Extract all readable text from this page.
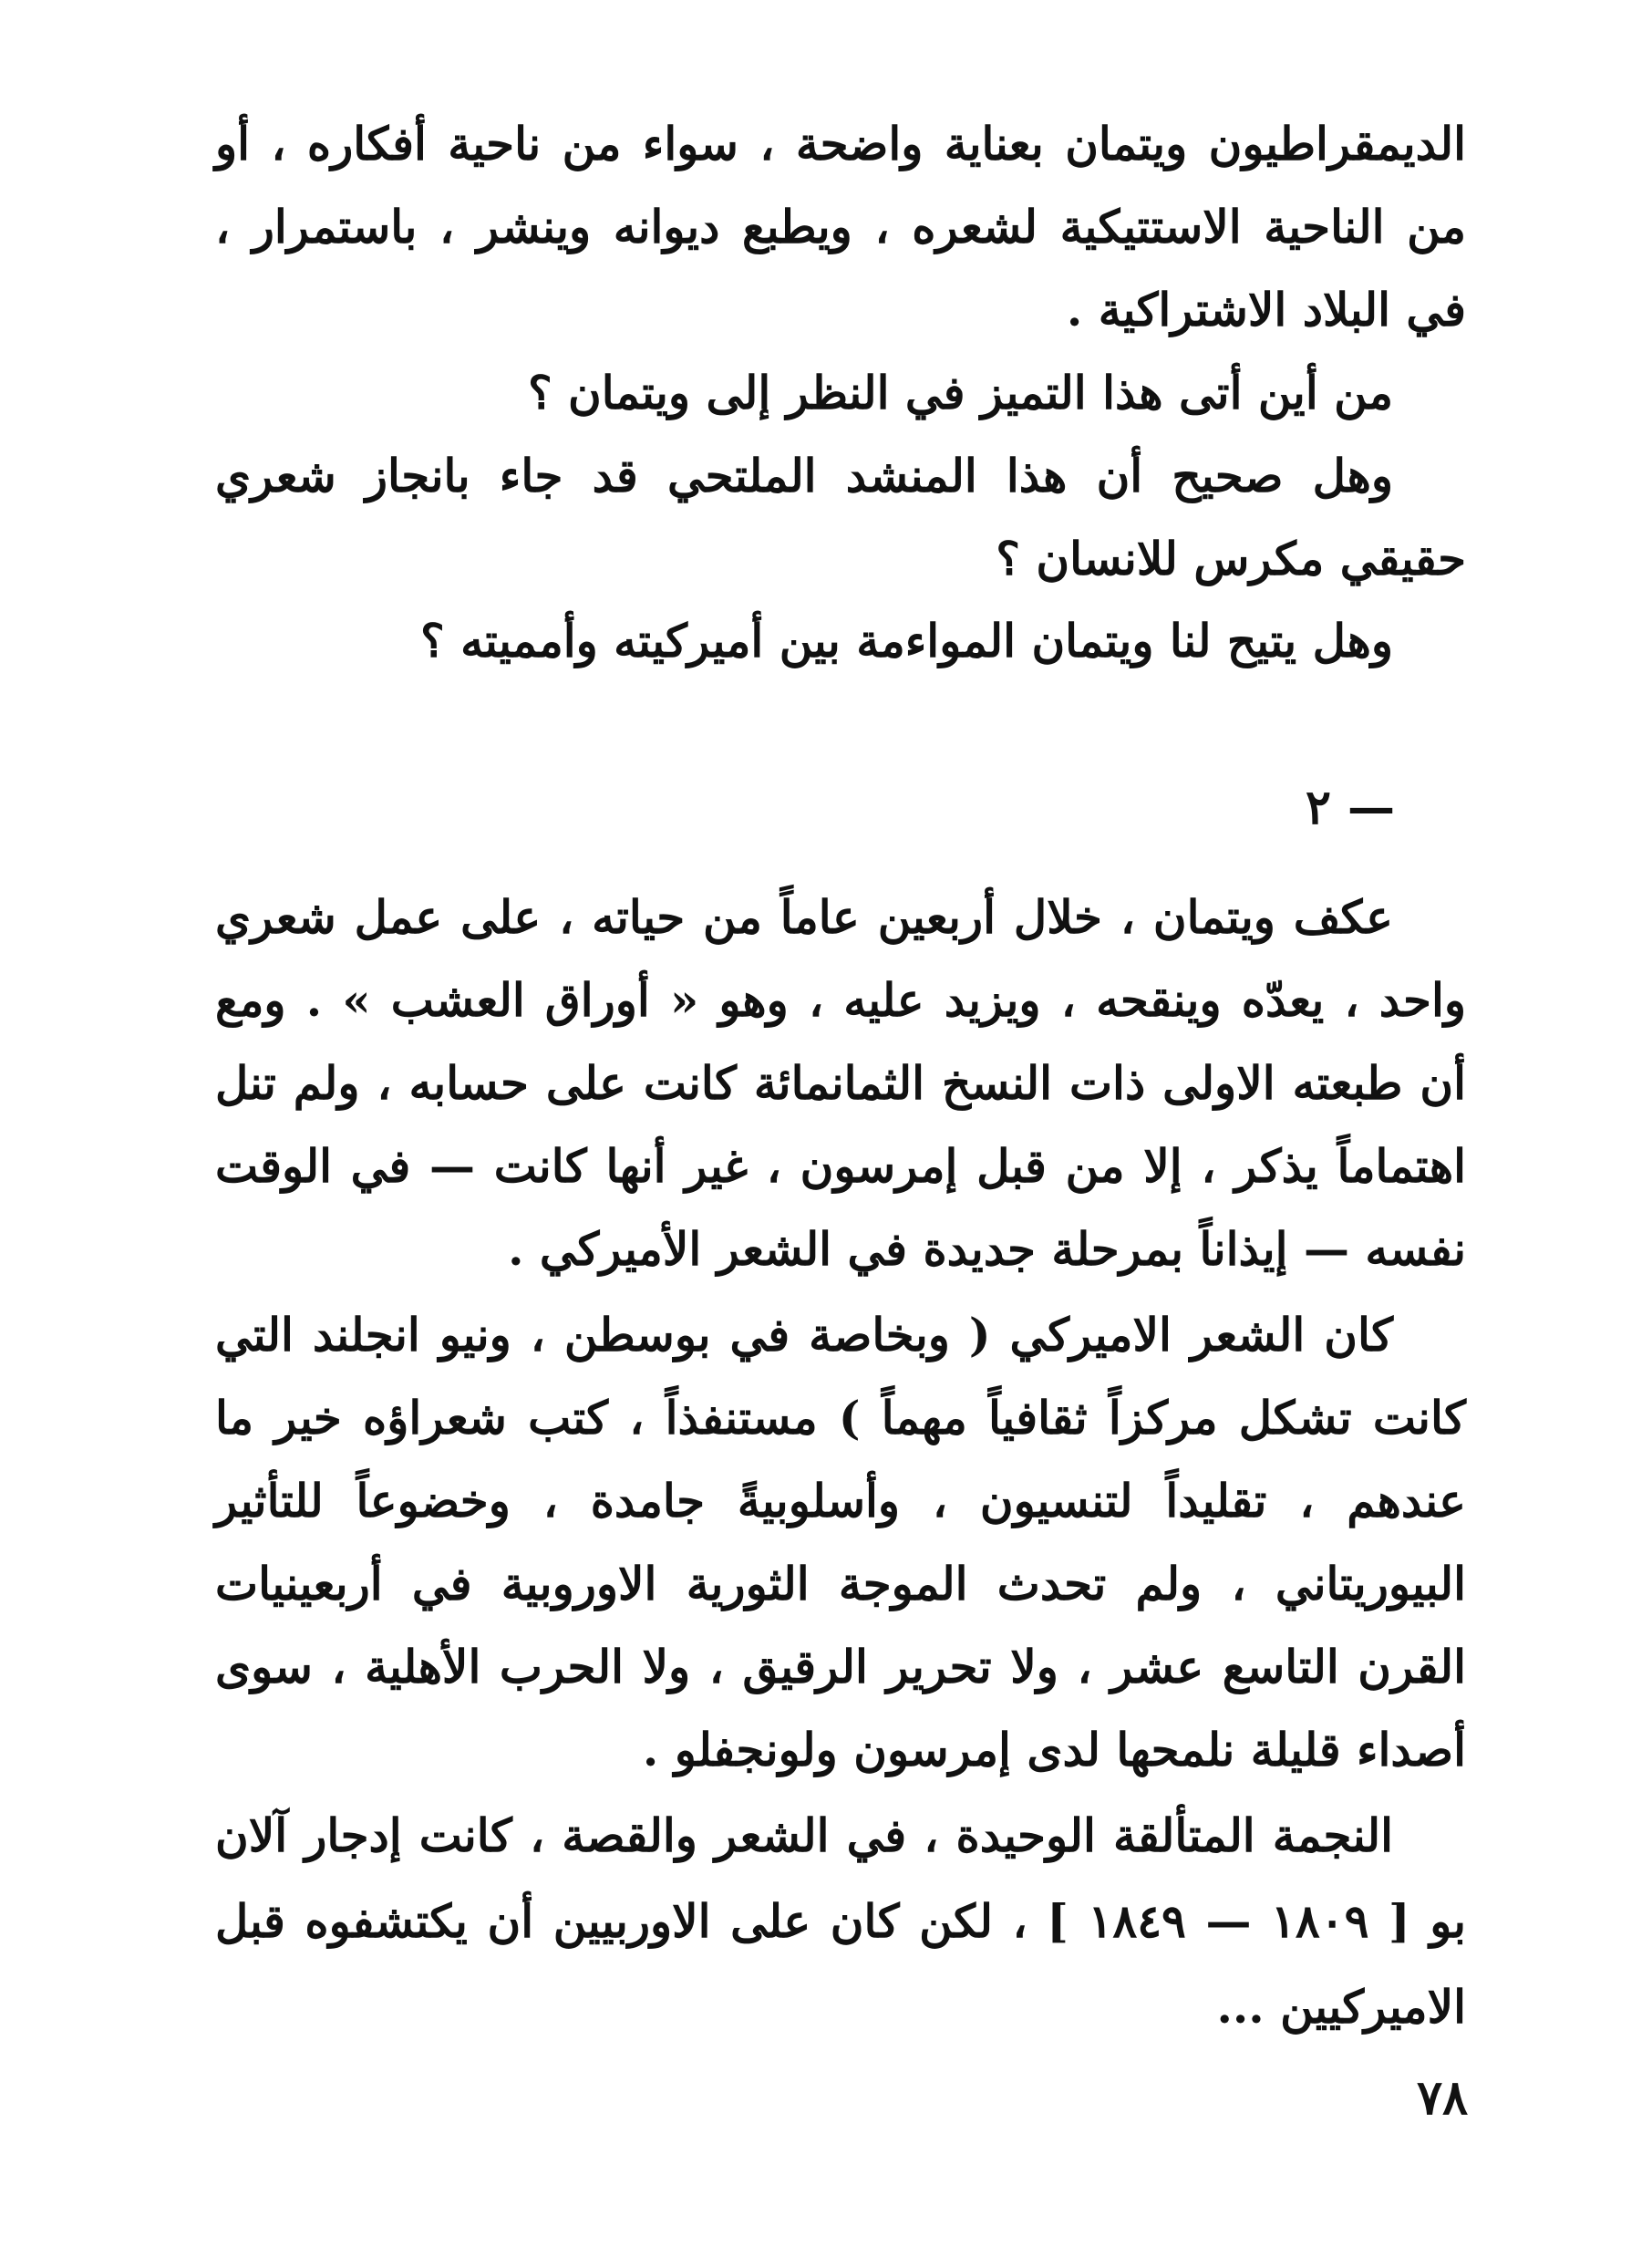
الديمقراطيون ويتمان بعناية واضحة ، سواء من ناحية أفكاره ، أو من الناحية الاستتيكية لشعره ، ويطبع ديوانه وينشر ، باستمرار ، في البلاد الاشتراكية .

من أين أتى هذا التميز في النظر إلى ويتمان ؟

وهل صحيح أن هذا المنشد الملتحي قد جاء بانجاز شعري حقيقي مكرس للانسان ؟

وهل يتيح لنا ويتمان المواءمة بين أميركيته وأمميته ؟

— ٢

عكف ويتمان ، خلال أربعين عاماً من حياته ، على عمل شعري واحد ، يعدّه وينقحه ، ويزيد عليه ، وهو « أوراق العشب » . ومع أن طبعته الاولى ذات النسخ الثمانمائة كانت على حسابه ، ولم تنل اهتماماً يذكر ، إلا من قبل إمرسون ، غير أنها كانت — في الوقت نفسه — إيذاناً بمرحلة جديدة في الشعر الأميركي .

كان الشعر الاميركي ( وبخاصة في بوسطن ، ونيو انجلند التي كانت تشكل مركزاً ثقافياً مهماً ) مستنفذاً ، كتب شعراؤه خير ما عندهم ، تقليداً لتنسيون ، وأسلوبيةً جامدة ، وخضوعاً للتأثير البيوريتاني ، ولم تحدث الموجة الثورية الاوروبية في أربعينيات القرن التاسع عشر ، ولا تحرير الرقيق ، ولا الحرب الأهلية ، سوى أصداء قليلة نلمحها لدى إمرسون ولونجفلو .

النجمة المتألقة الوحيدة ، في الشعر والقصة ، كانت إدجار آلان بو [ ١٨٠٩ — ١٨٤٩ ] ، لكن كان على الاوربيين أن يكتشفوه قبل الاميركيين ...

٧٨
